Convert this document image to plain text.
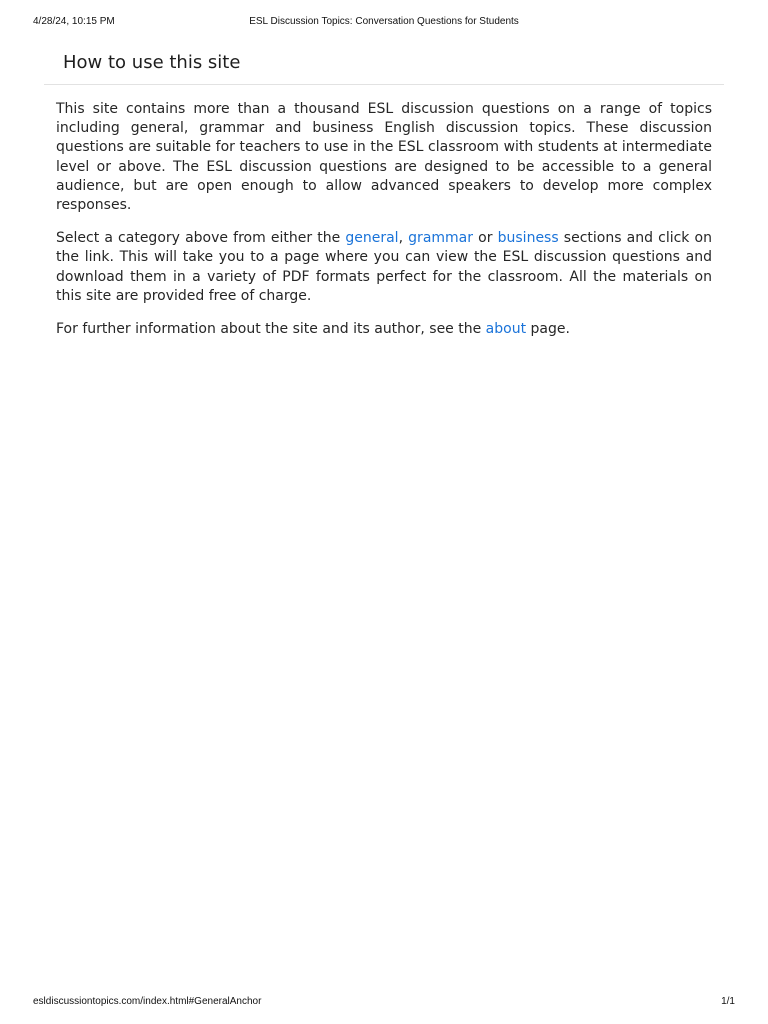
4/28/24, 10:15 PM	ESL Discussion Topics: Conversation Questions for Students
How to use this site

This site contains more than a thousand ESL discussion questions on a range of topics including general, grammar and business English discussion topics. These discussion questions are suitable for teachers to use in the ESL classroom with students at intermediate level or above. The ESL discussion questions are designed to be accessible to a general audience, but are open enough to allow advanced speakers to develop more complex responses.

Select a category above from either the general, grammar or business sections and click on the link. This will take you to a page where you can view the ESL discussion questions and download them in a variety of PDF formats perfect for the classroom. All the materials on this site are provided free of charge.

For further information about the site and its author, see the about page.

esldiscussiontopics.com/index.html#GeneralAnchor	1/1
